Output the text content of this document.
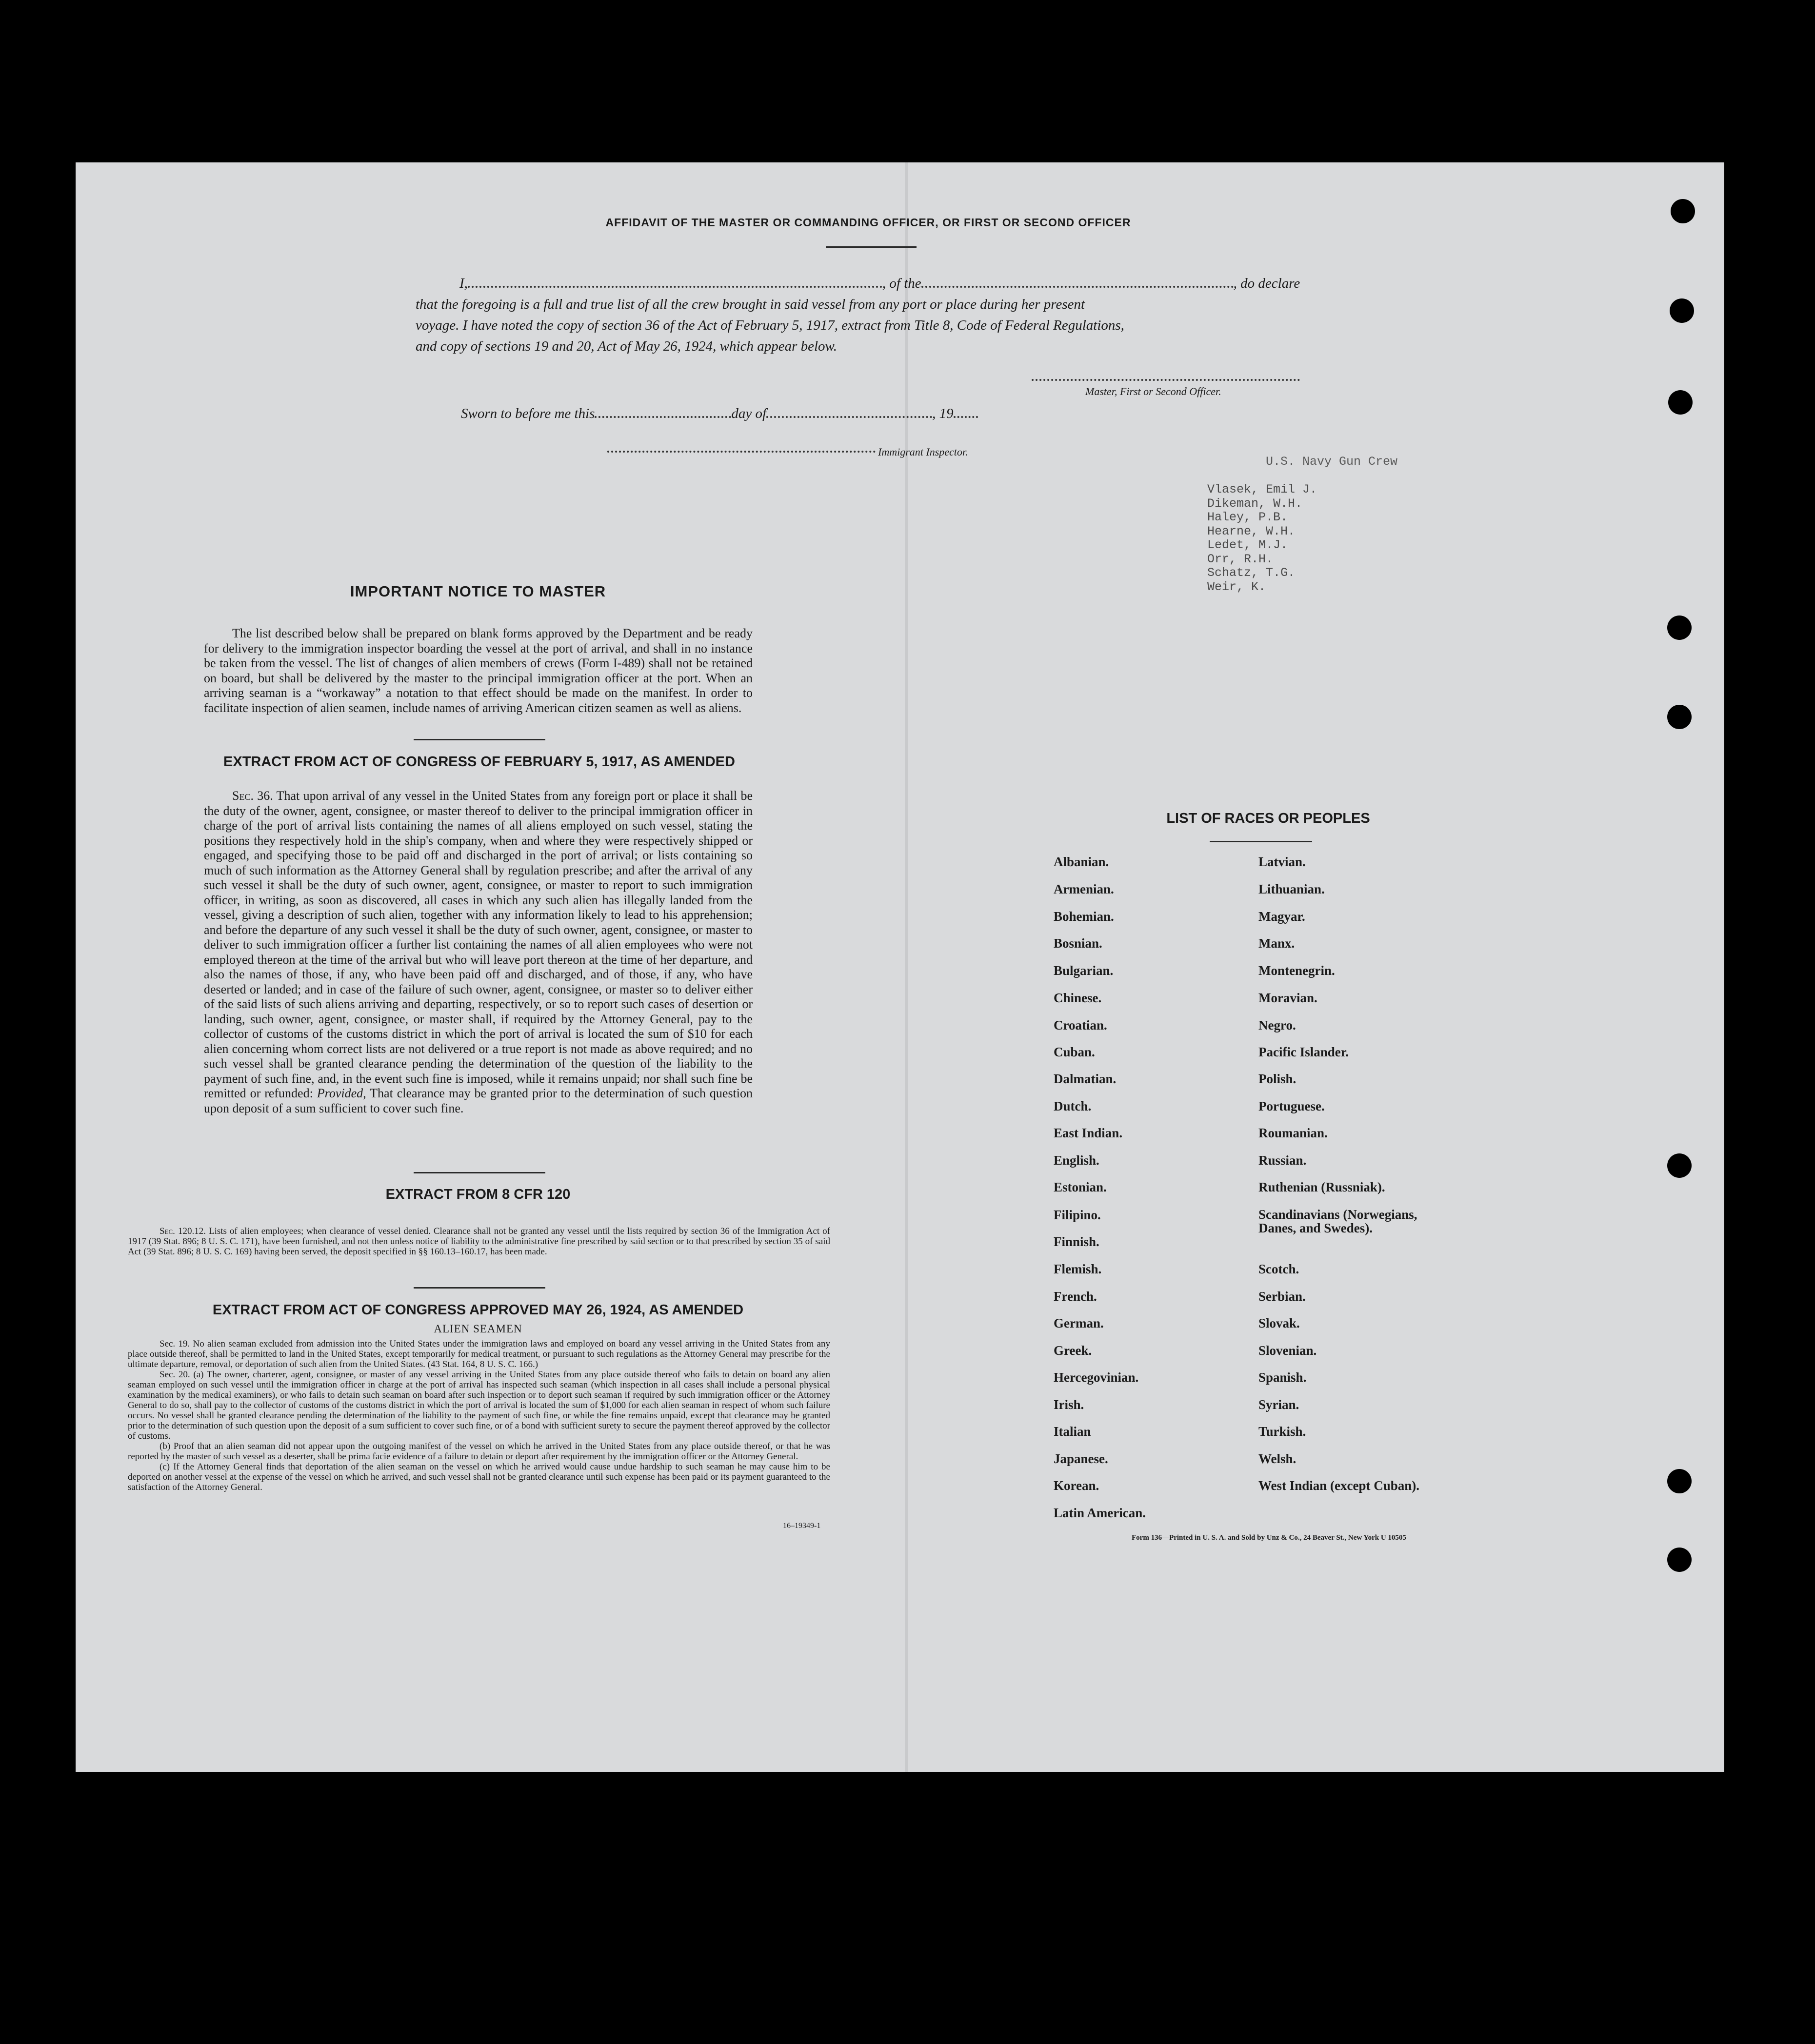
AFFIDAVIT OF THE MASTER OR COMMANDING OFFICER, OR FIRST OR SECOND OFFICER
I,	, of the	, do declare
that the foregoing is a full and true list of all the crew brought in said vessel from any port or place during her present
voyage. I have noted the copy of section 36 of the Act of February 5, 1917, extract from Title 8, Code of Federal Regulations,
and copy of sections 19 and 20, Act of May 26, 1924, which appear below.
Master, First or Second Officer.
Sworn to before me this	day of	, 19
Immigrant Inspector.
U.S. Navy Gun Crew
Vlasek, Emil J.
Dikeman, W.H.
Haley, P.B.
Hearne, W.H.
Ledet, M.J.
Orr, R.H.
Schatz, T.G.
Weir, K.
IMPORTANT NOTICE TO MASTER
The list described below shall be prepared on blank forms approved by the Department and be ready for delivery to the immigration inspector boarding the vessel at the port of arrival, and shall in no instance be taken from the vessel. The list of changes of alien members of crews (Form I-489) shall not be retained on board, but shall be delivered by the master to the principal immigration officer at the port. When an arriving seaman is a “workaway” a notation to that effect should be made on the manifest. In order to facilitate inspection of alien seamen, include names of arriving American citizen seamen as well as aliens.
EXTRACT FROM ACT OF CONGRESS OF FEBRUARY 5, 1917, AS AMENDED
Sec. 36. That upon arrival of any vessel in the United States from any foreign port or place it shall be the duty of the owner, agent, consignee, or master thereof to deliver to the principal immigration officer in charge of the port of arrival lists containing the names of all aliens employed on such vessel, stating the positions they respectively hold in the ship's company, when and where they were respectively shipped or engaged, and specifying those to be paid off and discharged in the port of arrival; or lists containing so much of such information as the Attorney General shall by regulation prescribe; and after the arrival of any such vessel it shall be the duty of such owner, agent, consignee, or master to report to such immigration officer, in writing, as soon as discovered, all cases in which any such alien has illegally landed from the vessel, giving a description of such alien, together with any information likely to lead to his apprehension; and before the departure of any such vessel it shall be the duty of such owner, agent, consignee, or master to deliver to such immigration officer a further list containing the names of all alien employees who were not employed thereon at the time of the arrival but who will leave port thereon at the time of her departure, and also the names of those, if any, who have been paid off and discharged, and of those, if any, who have deserted or landed; and in case of the failure of such owner, agent, consignee, or master so to deliver either of the said lists of such aliens arriving and departing, respectively, or so to report such cases of desertion or landing, such owner, agent, consignee, or master shall, if required by the Attorney General, pay to the collector of customs of the customs district in which the port of arrival is located the sum of $10 for each alien concerning whom correct lists are not delivered or a true report is not made as above required; and no such vessel shall be granted clearance pending the determination of the question of the liability to the payment of such fine, and, in the event such fine is imposed, while it remains unpaid; nor shall such fine be remitted or refunded: Provided, That clearance may be granted prior to the determination of such question upon deposit of a sum sufficient to cover such fine.
EXTRACT FROM 8 CFR 120
Sec. 120.12. Lists of alien employees; when clearance of vessel denied. Clearance shall not be granted any vessel until the lists required by section 36 of the Immigration Act of 1917 (39 Stat. 896; 8 U. S. C. 171), have been furnished, and not then unless notice of liability to the administrative fine prescribed by said section or to that prescribed by section 35 of said Act (39 Stat. 896; 8 U. S. C. 169) having been served, the deposit specified in §§ 160.13–160.17, has been made.
EXTRACT FROM ACT OF CONGRESS APPROVED MAY 26, 1924, AS AMENDED
ALIEN SEAMEN

Sec. 19. No alien seaman excluded from admission into the United States under the immigration laws and employed on board any vessel arriving in the United States from any place outside thereof, shall be permitted to land in the United States, except temporarily for medical treatment, or pursuant to such regulations as the Attorney General may prescribe for the ultimate departure, removal, or deportation of such alien from the United States. (43 Stat. 164, 8 U. S. C. 166.)

Sec. 20. (a) The owner, charterer, agent, consignee, or master of any vessel arriving in the United States from any place outside thereof who fails to detain on board any alien seaman employed on such vessel until the immigration officer in charge at the port of arrival has inspected such seaman (which inspection in all cases shall include a personal physical examination by the medical examiners), or who fails to detain such seaman on board after such inspection or to deport such seaman if required by such immigration officer or the Attorney General to do so, shall pay to the collector of customs of the customs district in which the port of arrival is located the sum of $1,000 for each alien seaman in respect of whom such failure occurs. No vessel shall be granted clearance pending the determination of the liability to the payment of such fine, or while the fine remains unpaid, except that clearance may be granted prior to the determination of such question upon the deposit of a sum sufficient to cover such fine, or of a bond with sufficient surety to secure the payment thereof approved by the collector of customs.

(b) Proof that an alien seaman did not appear upon the outgoing manifest of the vessel on which he arrived in the United States from any place outside thereof, or that he was reported by the master of such vessel as a deserter, shall be prima facie evidence of a failure to detain or deport after requirement by the immigration officer or the Attorney General.

(c) If the Attorney General finds that deportation of the alien seaman on the vessel on which he arrived would cause undue hardship to such seaman he may cause him to be deported on another vessel at the expense of the vessel on which he arrived, and such vessel shall not be granted clearance until such expense has been paid or its payment guaranteed to the satisfaction of the Attorney General.

16–19349-1
LIST OF RACES OR PEOPLES
Albanian.
Armenian.
Bohemian.
Bosnian.
Bulgarian.
Chinese.
Croatian.
Cuban.
Dalmatian.
Dutch.
East Indian.
English.
Estonian.
Filipino.
Finnish.
Flemish.
French.
German.
Greek.
Hercegovinian.
Irish.
Italian
Japanese.
Korean.
Latin American.
Latvian.
Lithuanian.
Magyar.
Manx.
Montenegrin.
Moravian.
Negro.
Pacific Islander.
Polish.
Portuguese.
Roumanian.
Russian.
Ruthenian (Russniak).
Scandinavians (Norwegians, Danes, and Swedes).
Scotch.
Serbian.
Slovak.
Slovenian.
Spanish.
Syrian.
Turkish.
Welsh.
West Indian (except Cuban).
Form 136—Printed in U. S. A. and Sold by Unz & Co., 24 Beaver St., New York U 10505
